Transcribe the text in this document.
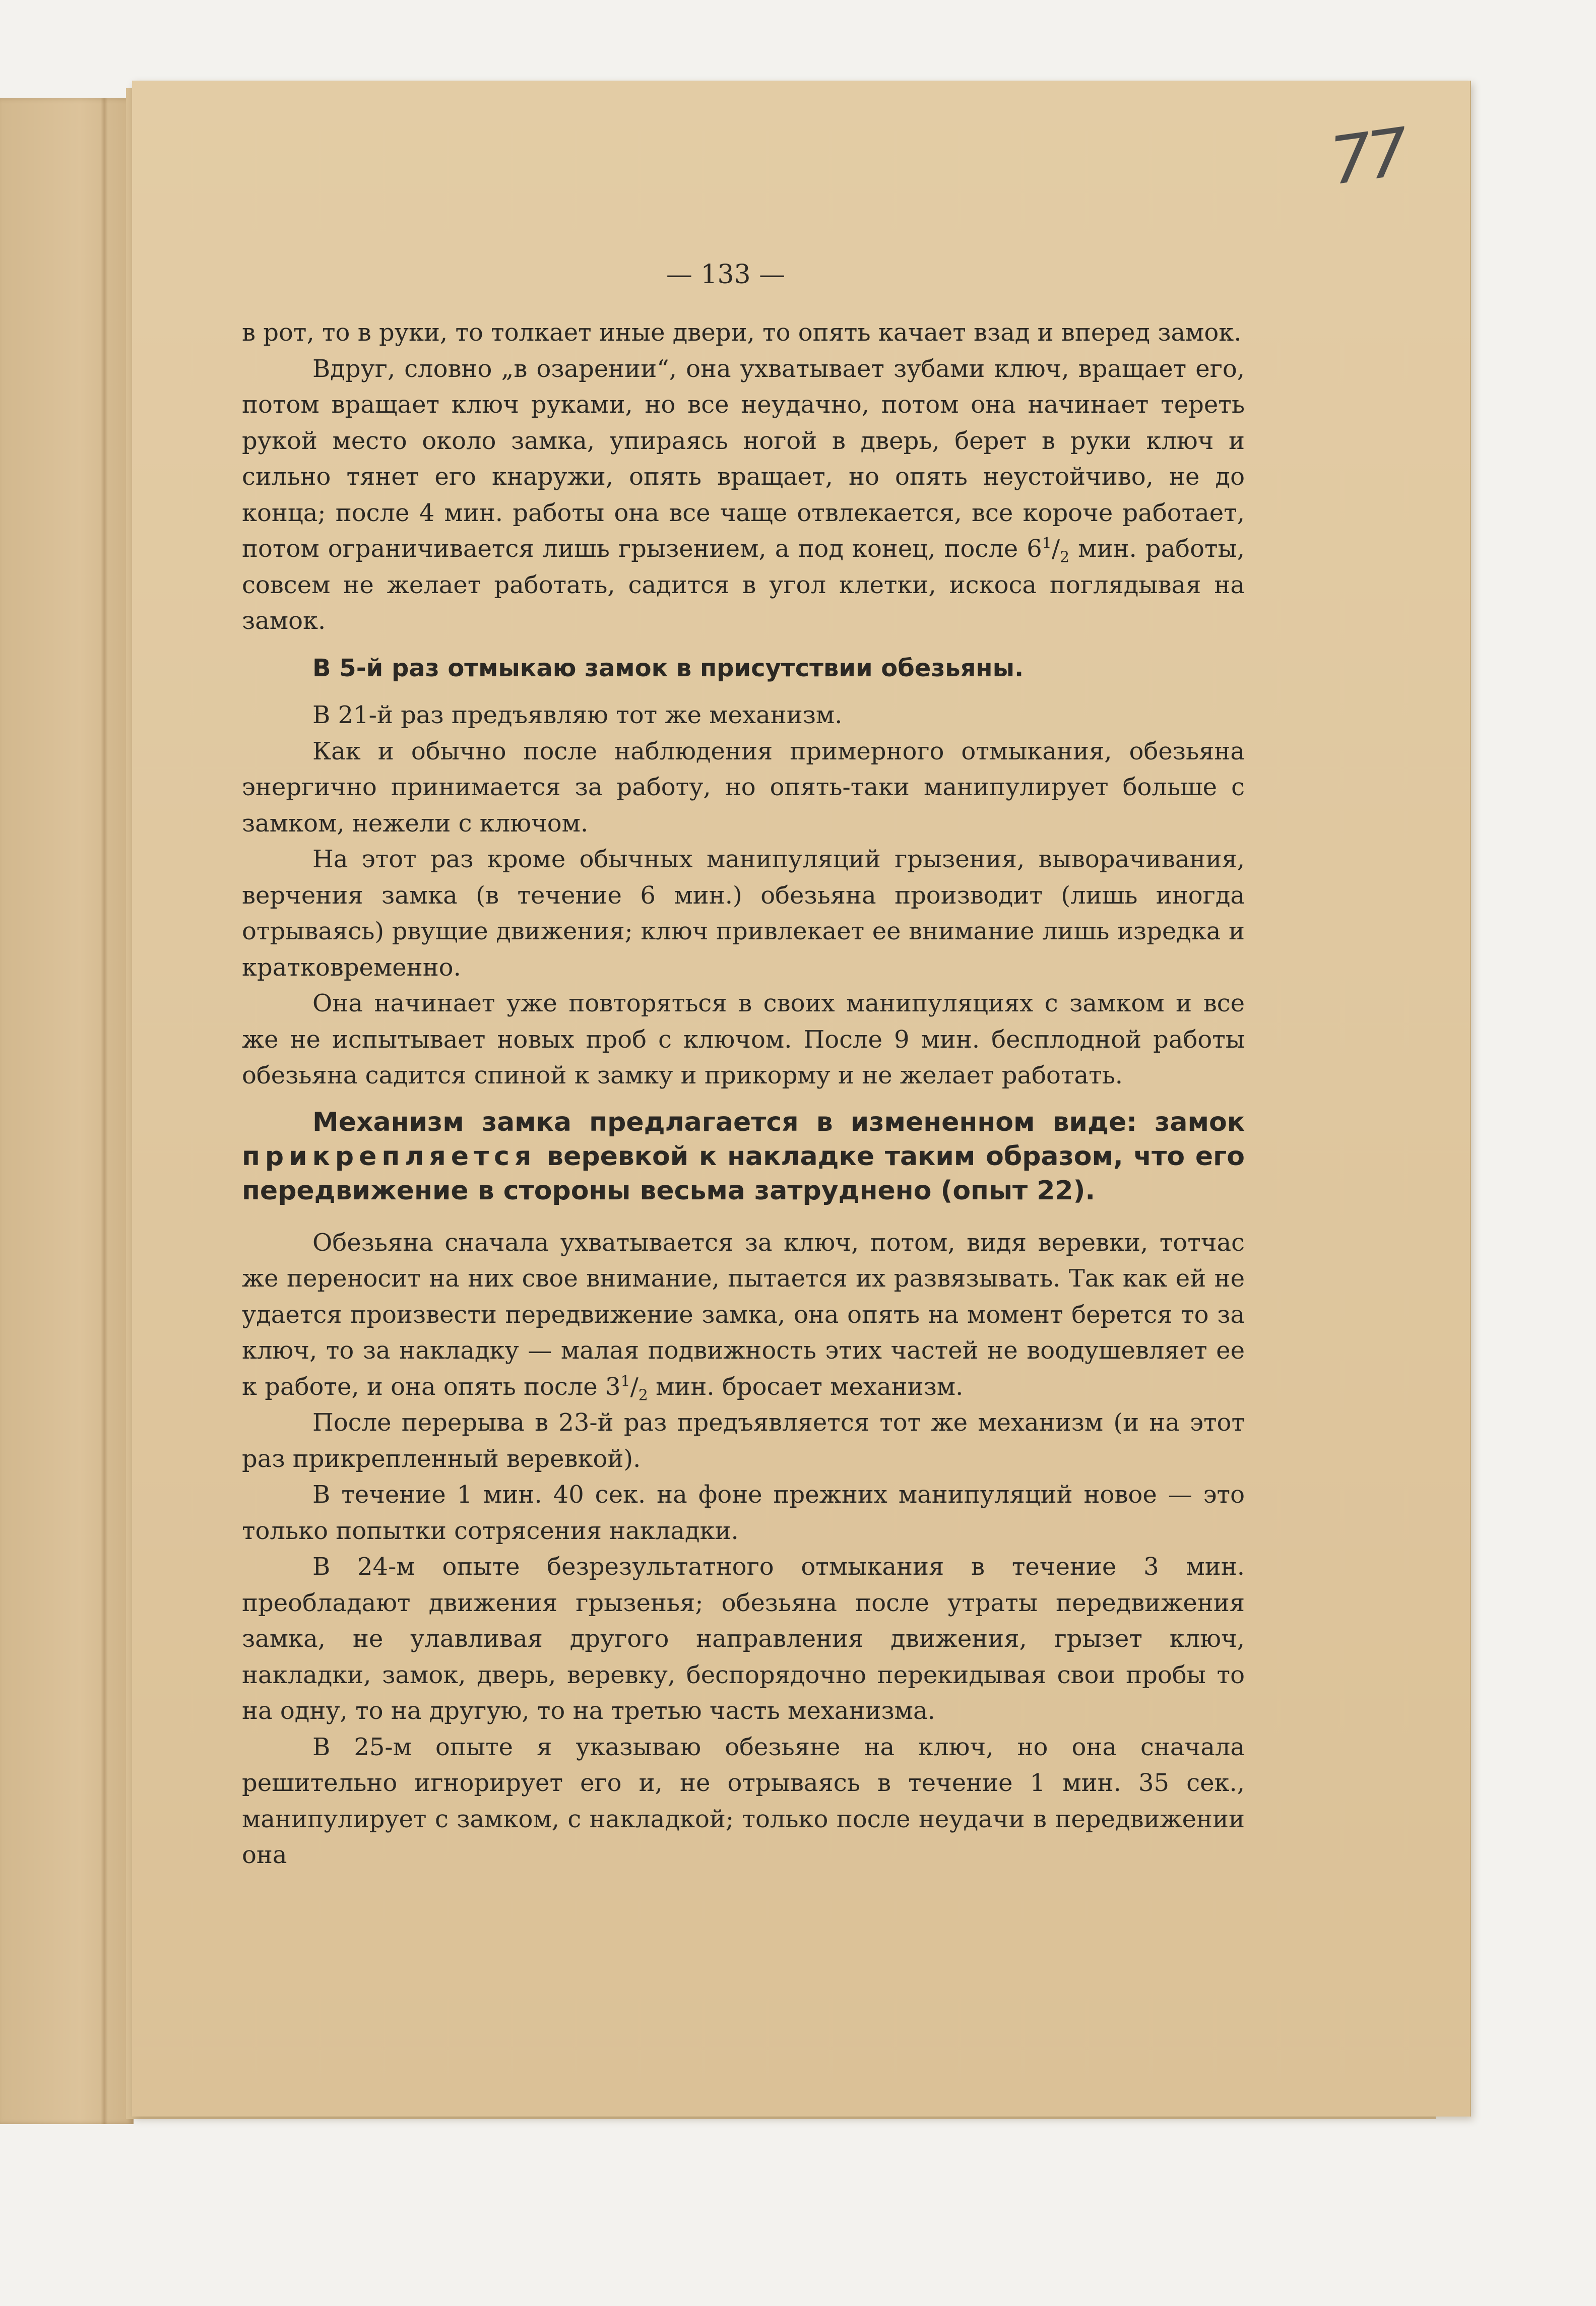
77
— 133 —

в рот, то в руки, то толкает иные двери, то опять качает взад и вперед замок.

Вдруг, словно „в озарении“, она ухватывает зубами ключ, вращает его, потом вращает ключ руками, но все неудачно, потом она начинает тереть рукой место около замка, упираясь ногой в дверь, берет в руки ключ и сильно тянет его кнаружи, опять вращает, но опять неустойчиво, не до конца; после 4 мин. работы она все чаще отвлекается, все короче работает, потом ограничивается лишь грызением, а под конец, после $6^1/_2$ мин. работы, совсем не желает работать, садится в угол клетки, искоса поглядывая на замок.

В 5-й раз отмыкаю замок в присутствии обезьяны.

В 21-й раз предъявляю тот же механизм.

Как и обычно после наблюдения примерного отмыкания, обезьяна энергично принимается за работу, но опять-таки манипулирует больше с замком, нежели с ключом.

На этот раз кроме обычных манипуляций грызения, выворачивания, верчения замка (в течение 6 мин.) обезьяна производит (лишь иногда отрываясь) рвущие движения; ключ привлекает ее внимание лишь изредка и кратковременно.

Она начинает уже повторяться в своих манипуляциях с замком и все же не испытывает новых проб с ключом. После 9 мин. бесплодной работы обезьяна садится спиной к замку и прикорму и не желает работать.

Механизм замка предлагается в измененном виде: замок прикрепляется веревкой к накладке таким образом, что его передвижение в стороны весьма затруднено (опыт 22).

Обезьяна сначала ухватывается за ключ, потом, видя веревки, тотчас же переносит на них свое внимание, пытается их развязывать. Так как ей не удается произвести передвижение замка, она опять на момент берется то за ключ, то за накладку — малая подвижность этих частей не воодушевляет ее к работе, и она опять после $3^1/_2$ мин. бросает механизм.

После перерыва в 23-й раз предъявляется тот же механизм (и на этот раз прикрепленный веревкой).

В течение 1 мин. 40 сек. на фоне прежних манипуляций новое — это только попытки сотрясения накладки.

В 24-м опыте безрезультатного отмыкания в течение 3 мин. преобладают движения грызенья; обезьяна после утраты передвижения замка, не улавливая другого направления движения, грызет ключ, накладки, замок, дверь, веревку, беспорядочно перекидывая свои пробы то на одну, то на другую, то на третью часть механизма.

В 25-м опыте я указываю обезьяне на ключ, но она сначала решительно игнорирует его и, не отрываясь в течение 1 мин. 35 сек., манипулирует с замком, с накладкой; только после неудачи в передвижении она
